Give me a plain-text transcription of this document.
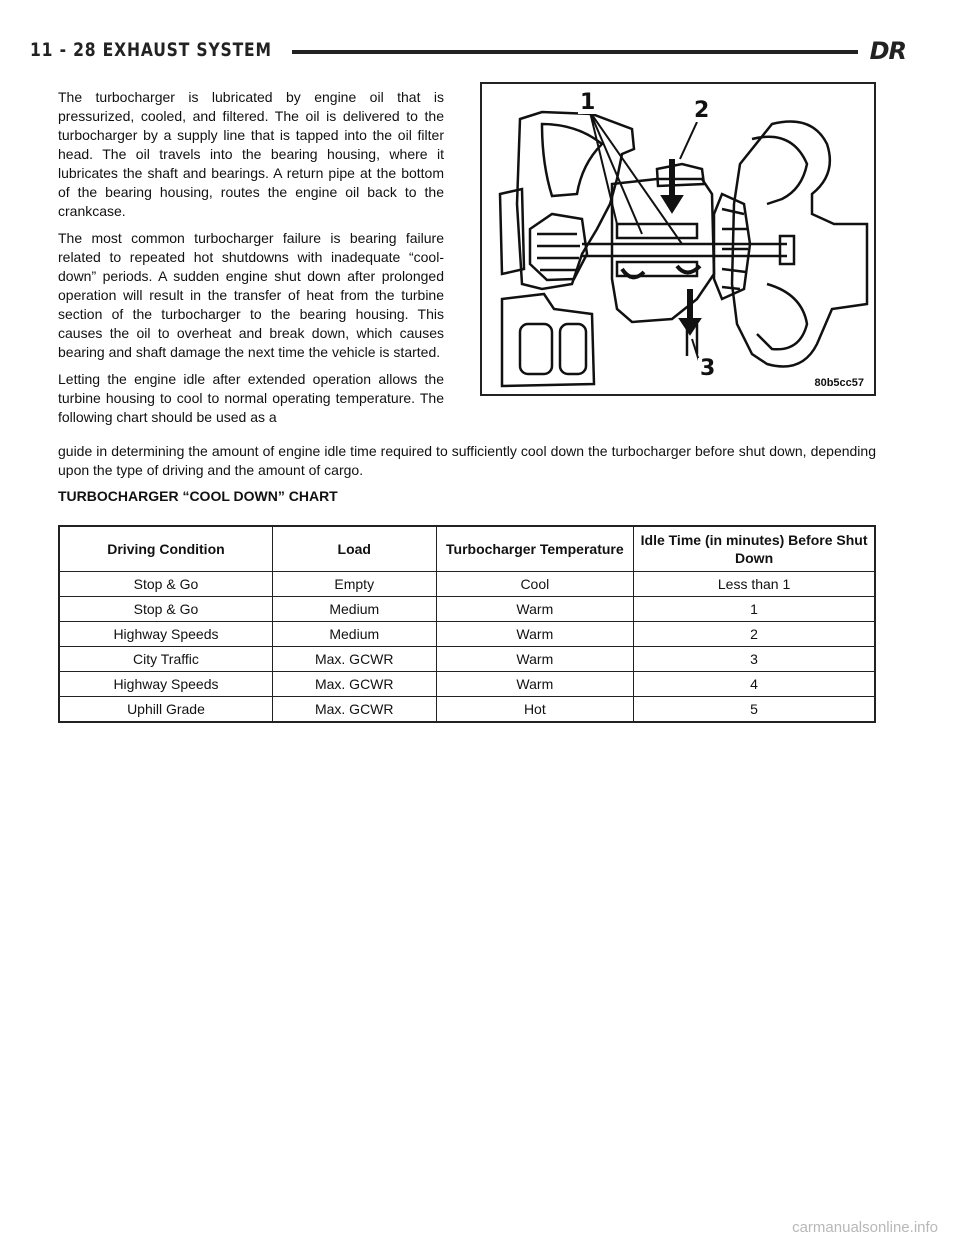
11 - 28 EXHAUST SYSTEM	DR

The turbocharger is lubricated by engine oil that is pressurized, cooled, and filtered. The oil is delivered to the turbocharger by a supply line that is tapped into the oil filter head. The oil travels into the bearing housing, where it lubricates the shaft and bearings. A return pipe at the bottom of the bearing housing, routes the engine oil back to the crankcase.

The most common turbocharger failure is bearing failure related to repeated hot shutdowns with inadequate “cool-down” periods. A sudden engine shut down after prolonged operation will result in the transfer of heat from the turbine section of the turbocharger to the bearing housing. This causes the oil to overheat and break down, which causes bearing and shaft damage the next time the vehicle is started.

Letting the engine idle after extended operation allows the turbine housing to cool to normal operating temperature. The following chart should be used as a

1	2
3
80b5cc57
guide in determining the amount of engine idle time required to sufficiently cool down the turbocharger before shut down, depending upon the type of driving and the amount of cargo.
TURBOCHARGER “COOL DOWN” CHART
Driving Condition	Load	Turbocharger Temperature	Idle Time (in minutes) Before Shut Down
Stop & Go	Empty	Cool	Less than 1
Stop & Go	Medium	Warm	1
Highway Speeds	Medium	Warm	2
City Traffic	Max. GCWR	Warm	3
Highway Speeds	Max. GCWR	Warm	4
Uphill Grade	Max. GCWR	Hot	5
carmanualsonline.info
